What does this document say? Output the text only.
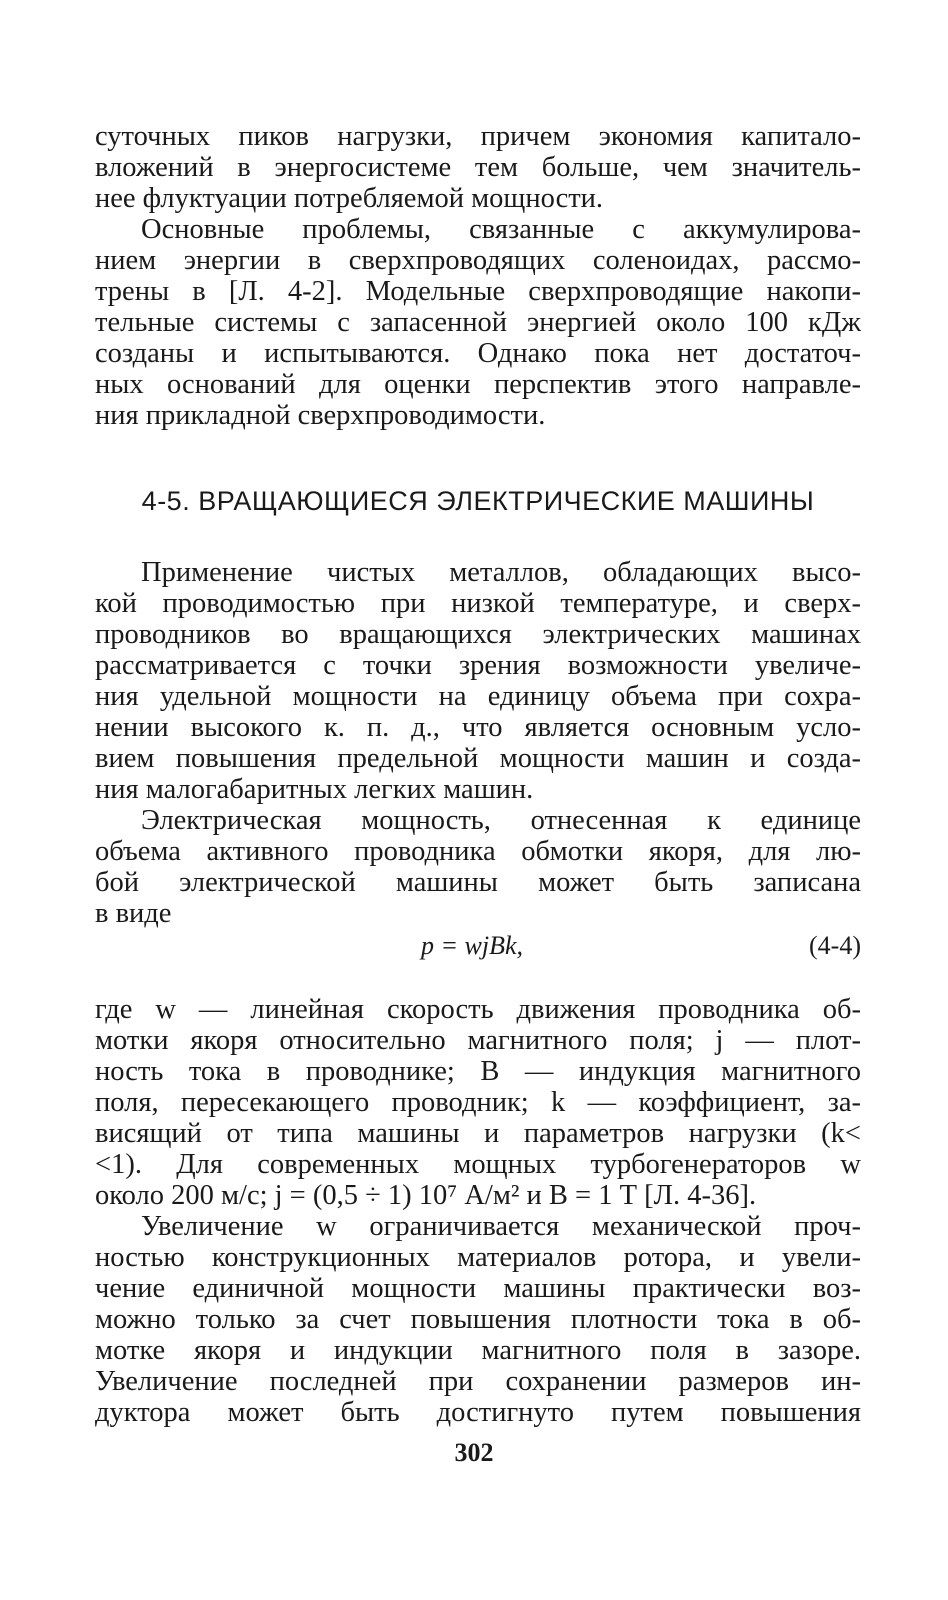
суточных пиков нагрузки, причем экономия капитало-
вложений в энергосистеме тем больше, чем значитель-
нее флуктуации потребляемой мощности.
Основные проблемы, связанные с аккумулирова-
нием энергии в сверхпроводящих соленоидах, рассмо-
трены в [Л. 4-2]. Модельные сверхпроводящие накопи-
тельные системы с запасенной энергией около 100 кДж
созданы и испытываются. Однако пока нет достаточ-
ных оснований для оценки перспектив этого направле-
ния прикладной сверхпроводимости.
4-5. ВРАЩАЮЩИЕСЯ ЭЛЕКТРИЧЕСКИЕ МАШИНЫ
Применение чистых металлов, обладающих высо-
кой проводимостью при низкой температуре, и сверх-
проводников во вращающихся электрических машинах
рассматривается с точки зрения возможности увеличе-
ния удельной мощности на единицу объема при сохра-
нении высокого к. п. д., что является основным усло-
вием повышения предельной мощности машин и созда-
ния малогабаритных легких машин.
Электрическая мощность, отнесенная к единице
объема активного проводника обмотки якоря, для лю-
бой электрической машины может быть записана
в виде
p = wjBk,	(4-4)
где w — линейная скорость движения проводника об-
мотки якоря относительно магнитного поля; j — плот-
ность тока в проводнике; B — индукция магнитного
поля, пересекающего проводник; k — коэффициент, за-
висящий от типа машины и параметров нагрузки (k<
<1). Для современных мощных турбогенераторов w
около 200 м/с; j = (0,5 ÷ 1) 10⁷ А/м² и B = 1 Т [Л. 4-36].
Увеличение w ограничивается механической проч-
ностью конструкционных материалов ротора, и увели-
чение единичной мощности машины практически воз-
можно только за счет повышения плотности тока в об-
мотке якоря и индукции магнитного поля в зазоре.
Увеличение последней при сохранении размеров ин-
дуктора может быть достигнуто путем повышения
302
